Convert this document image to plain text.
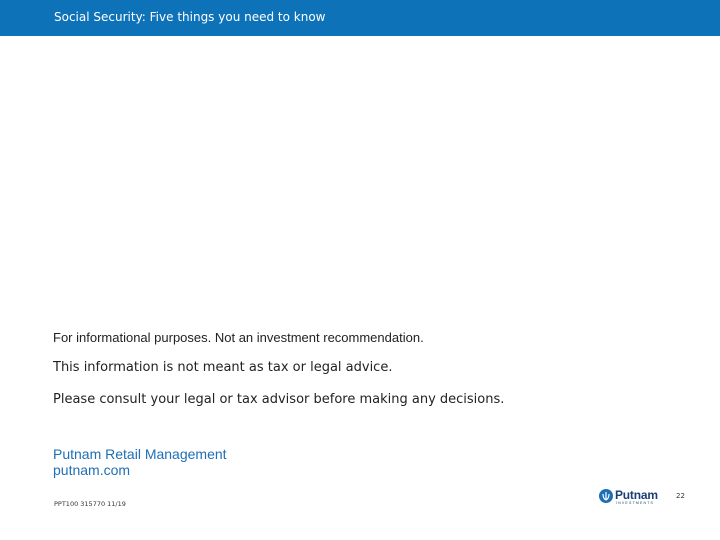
Social Security: Five things you need to know
For informational purposes. Not an investment recommendation.
This information is not meant as tax or legal advice.
Please consult your legal or tax advisor before making any decisions.
Putnam Retail Management
putnam.com
PPT100 315770 11/19
Putnam
INVESTMENTS
22
